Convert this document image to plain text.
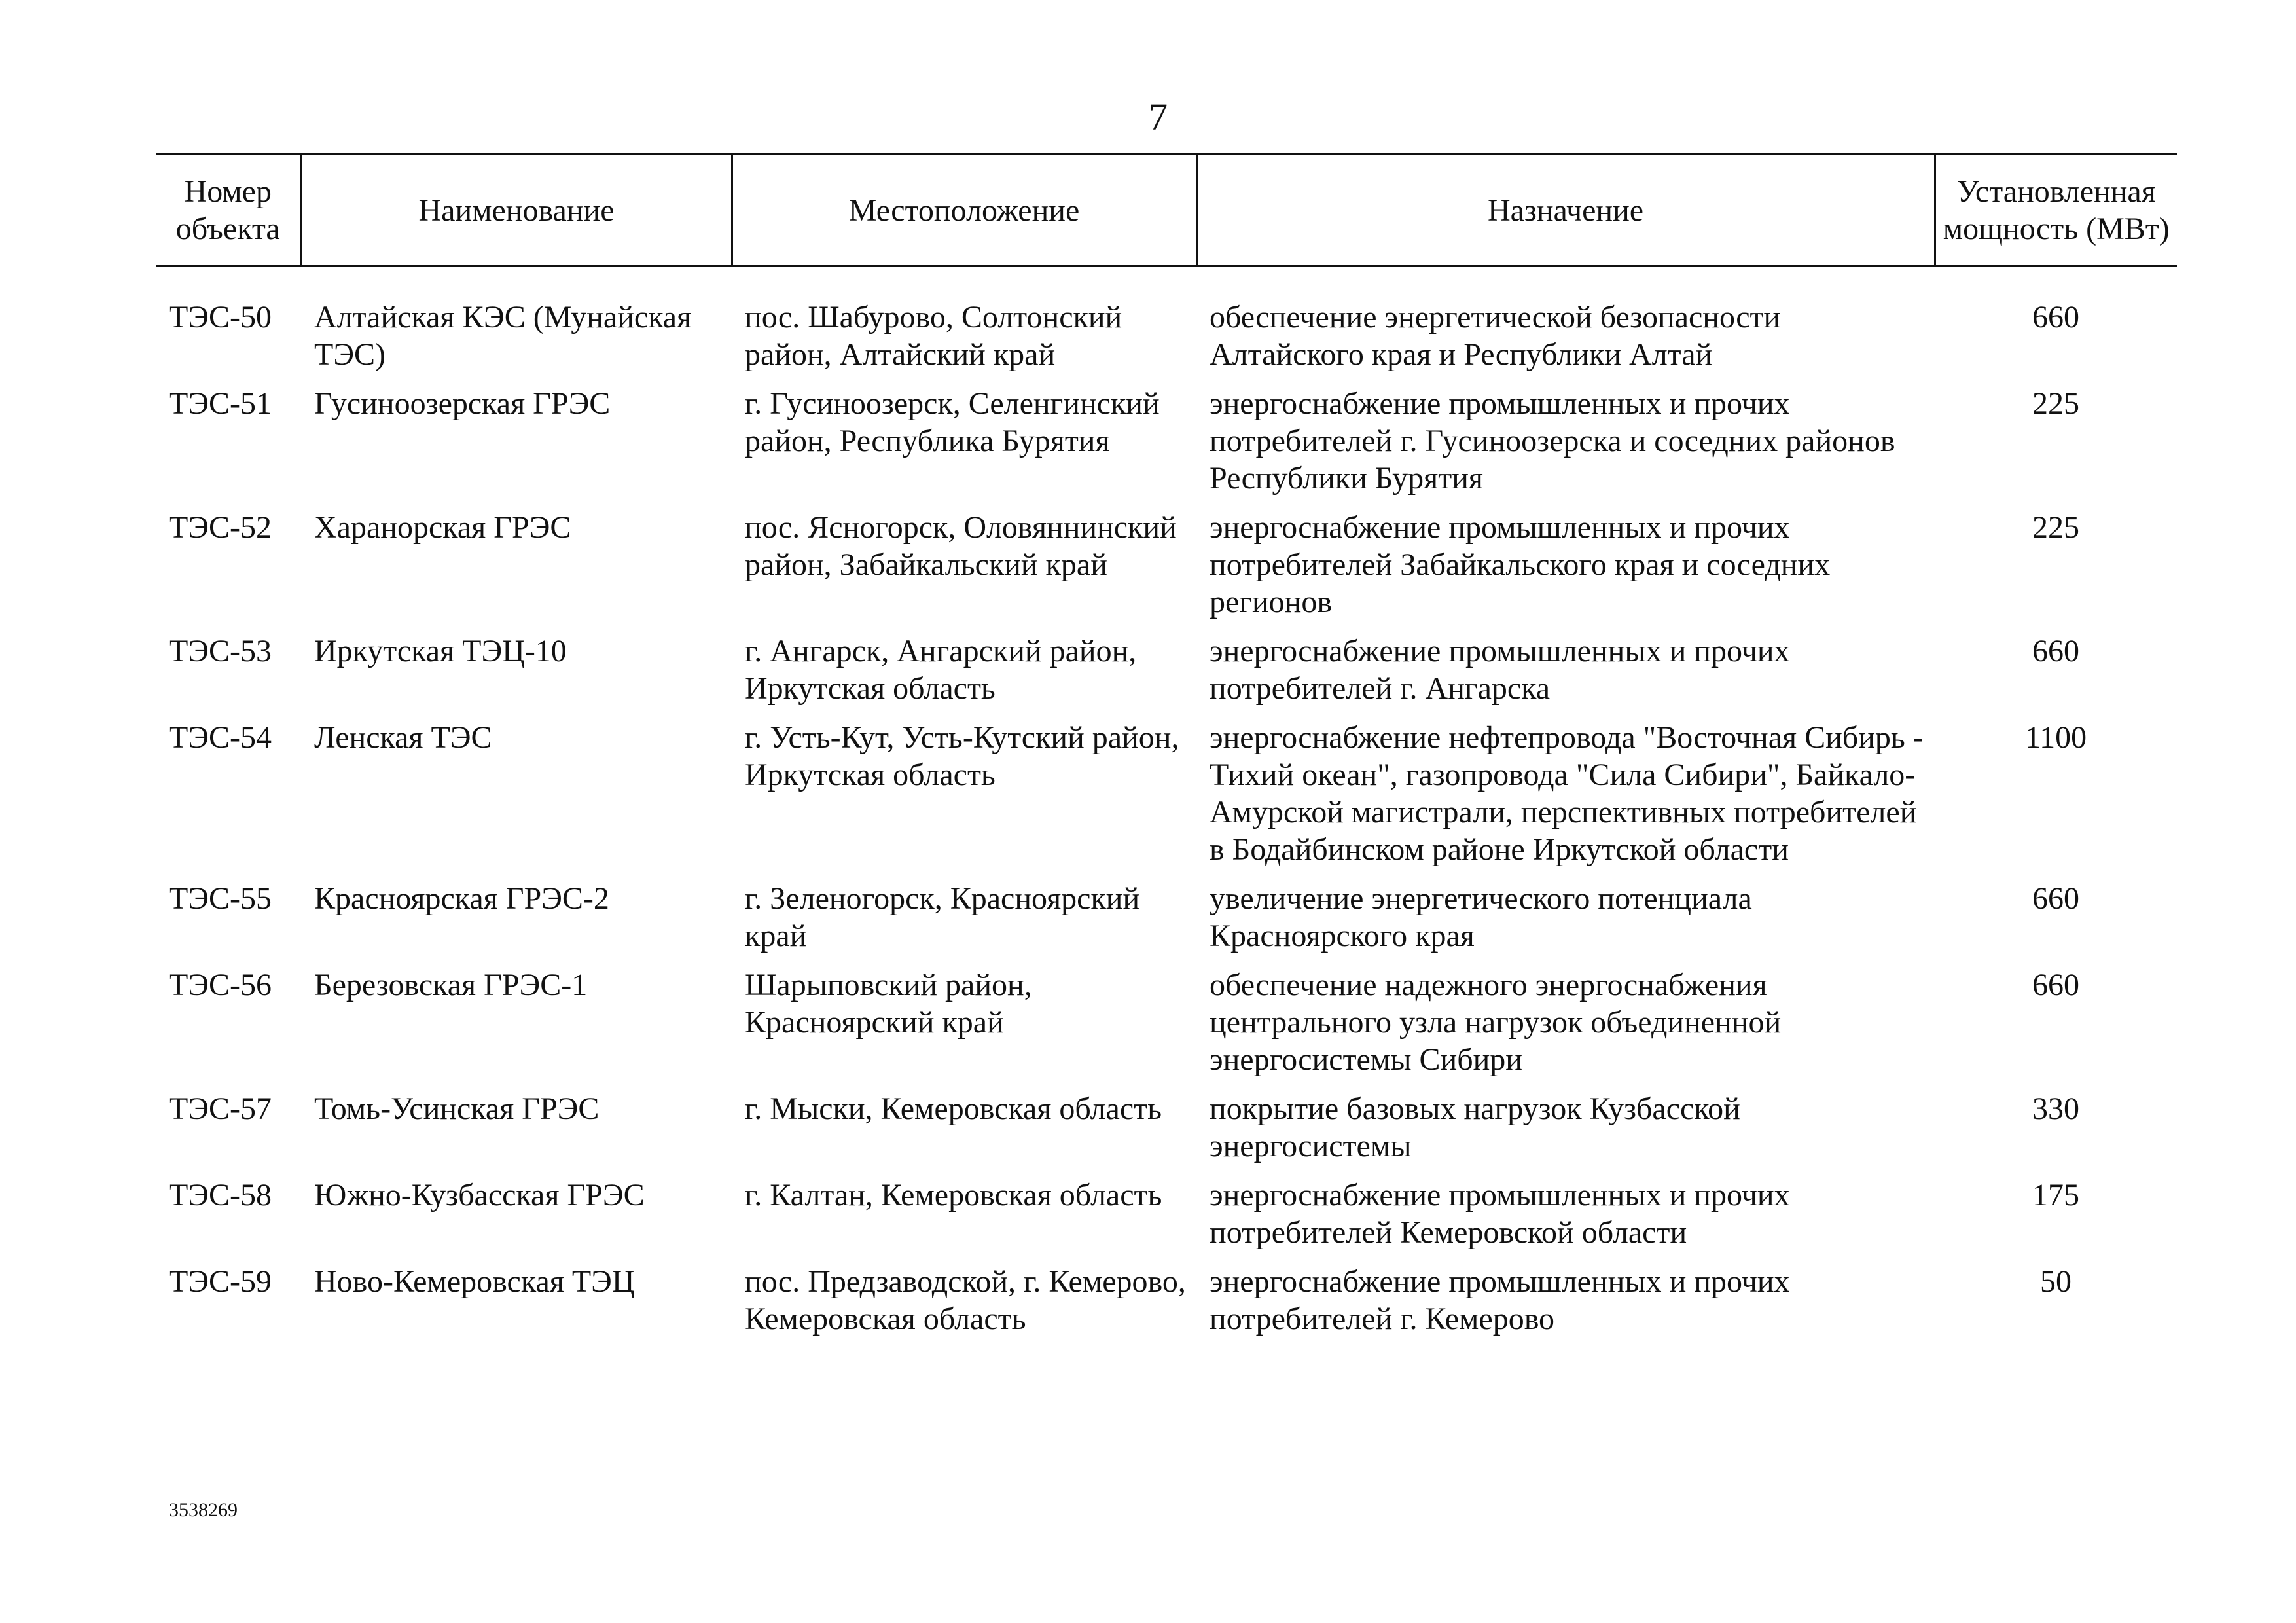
7
Номер объекта	Наименование	Местоположение	Назначение	Установленная мощность (МВт)

ТЭС-50	Алтайская КЭС (Мунайская ТЭС)	пос. Шабурово, Солтонский район, Алтайский край	обеспечение энергетической безопасности Алтайского края и Республики Алтай	660
ТЭС-51	Гусиноозерская ГРЭС	г. Гусиноозерск, Селенгинский район, Республика Бурятия	энергоснабжение промышленных и прочих потребителей г. Гусиноозерска и соседних районов Республики Бурятия	225
ТЭС-52	Харанорская ГРЭС	пос. Ясногорск, Оловяннинский район, Забайкальский край	энергоснабжение промышленных и прочих потребителей Забайкальского края и соседних регионов	225
ТЭС-53	Иркутская ТЭЦ-10	г. Ангарск, Ангарский район, Иркутская область	энергоснабжение промышленных и прочих потребителей г. Ангарска	660
ТЭС-54	Ленская ТЭС	г. Усть-Кут, Усть-Кутский район, Иркутская область	энергоснабжение нефтепровода "Восточная Сибирь - Тихий океан", газопровода "Сила Сибири", Байкало-Амурской магистрали, перспективных потребителей в Бодайбинском районе Иркутской области	1100
ТЭС-55	Красноярская ГРЭС-2	г. Зеленогорск, Красноярский край	увеличение энергетического потенциала Красноярского края	660
ТЭС-56	Березовская ГРЭС-1	Шарыповский район, Красноярский край	обеспечение надежного энергоснабжения центрального узла нагрузок объединенной энергосистемы Сибири	660
ТЭС-57	Томь-Усинская ГРЭС	г. Мыски, Кемеровская область	покрытие базовых нагрузок Кузбасской энергосистемы	330
ТЭС-58	Южно-Кузбасская ГРЭС	г. Калтан, Кемеровская область	энергоснабжение промышленных и прочих потребителей Кемеровской области	175
ТЭС-59	Ново-Кемеровская ТЭЦ	пос. Предзаводской, г. Кемерово, Кемеровская область	энергоснабжение промышленных и прочих потребителей г. Кемерово	50
3538269
